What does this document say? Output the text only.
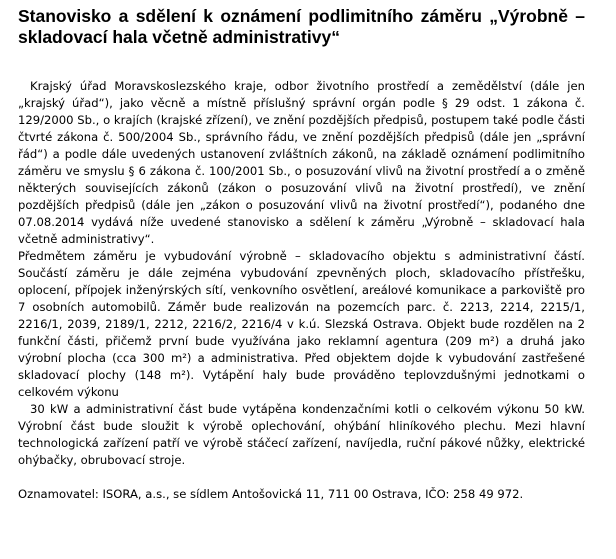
Stanovisko a sdělení k oznámení podlimitního záměru „Výrobně – skladovací hala včetně administrativy“

Krajský úřad Moravskoslezského kraje, odbor životního prostředí a zemědělství (dále jen „krajský úřad“), jako věcně a místně příslušný správní orgán podle § 29 odst. 1 zákona č. 129/2000 Sb., o krajích (krajské zřízení), ve znění pozdějších předpisů, postupem také podle části čtvrté zákona č. 500/2004 Sb., správního řádu, ve znění pozdějších předpisů (dále jen „správní řád“) a podle dále uvedených ustanovení zvláštních zákonů, na základě oznámení podlimitního záměru ve smyslu § 6 zákona č. 100/2001 Sb., o posuzování vlivů na životní prostředí a o změně některých souvisejících zákonů (zákon o posuzování vlivů na životní prostředí), ve znění pozdějších předpisů (dále jen „zákon o posuzování vlivů na životní prostředí“), podaného dne 07.08.2014 vydává níže uvedené stanovisko a sdělení k záměru „Výrobně – skladovací hala včetně administrativy“.

Předmětem záměru je vybudování výrobně – skladovacího objektu s administrativní částí. Součástí záměru je dále zejména vybudování zpevněných ploch, skladovacího přístřešku, oplocení, přípojek inženýrských sítí, venkovního osvětlení, areálové komunikace a parkoviště pro 7 osobních automobilů. Záměr bude realizován na pozemcích parc. č. 2213, 2214, 2215/1, 2216/1, 2039, 2189/1, 2212, 2216/2, 2216/4 v k.ú. Slezská Ostrava. Objekt bude rozdělen na 2 funkční části, přičemž první bude využívána jako reklamní agentura (209 m²) a druhá jako výrobní plocha (cca 300 m²) a administrativa. Před objektem dojde k vybudování zastřešené skladovací plochy (148 m²). Vytápění haly bude prováděno teplovzdušnými jednotkami o celkovém výkonu

30 kW a administrativní část bude vytápěna kondenzačními kotli o celkovém výkonu 50 kW. Výrobní část bude sloužit k výrobě oplechování, ohýbání hliníkového plechu. Mezi hlavní technologická zařízení patří ve výrobě stáčecí zařízení, navíjedla, ruční pákové nůžky, elektrické ohýbačky, obrubovací stroje.

Oznamovatel: ISORA, a.s., se sídlem Antošovická 11, 711 00 Ostrava, IČO: 258 49 972.
